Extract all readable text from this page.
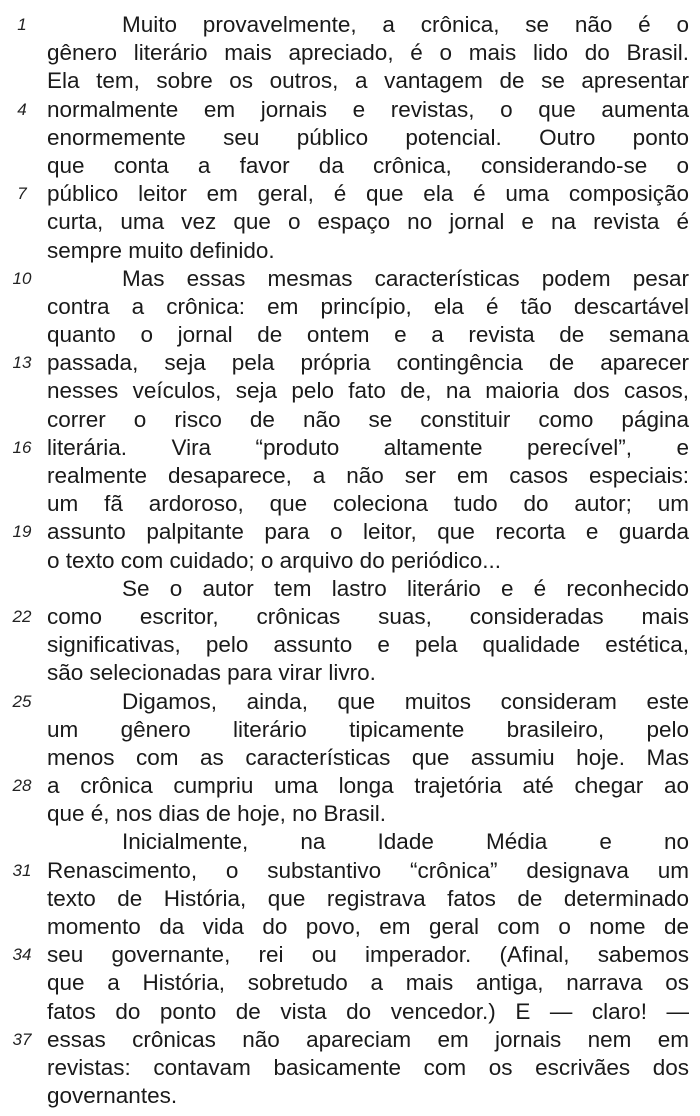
1	Muito provavelmente, a crônica, se não é o
gênero literário mais apreciado, é o mais lido do Brasil.
Ela tem, sobre os outros, a vantagem de se apresentar
4 normalmente em jornais e revistas, o que aumenta
enormemente seu público potencial. Outro ponto
que conta a favor da crônica, considerando-se o
7 público leitor em geral, é que ela é uma composição
curta, uma vez que o espaço no jornal e na revista é
sempre muito definido.
10	Mas essas mesmas características podem pesar
contra a crônica: em princípio, ela é tão descartável
quanto o jornal de ontem e a revista de semana
13 passada, seja pela própria contingência de aparecer
nesses veículos, seja pelo fato de, na maioria dos casos,
correr o risco de não se constituir como página
16 literária. Vira “produto altamente perecível”, e
realmente desaparece, a não ser em casos especiais:
um fã ardoroso, que coleciona tudo do autor; um
19 assunto palpitante para o leitor, que recorta e guarda
o texto com cuidado; o arquivo do periódico...
Se o autor tem lastro literário e é reconhecido
22 como escritor, crônicas suas, consideradas mais
significativas, pelo assunto e pela qualidade estética,
são selecionadas para virar livro.
25	Digamos, ainda, que muitos consideram este
um gênero literário tipicamente brasileiro, pelo
menos com as características que assumiu hoje. Mas
28 a crônica cumpriu uma longa trajetória até chegar ao
que é, nos dias de hoje, no Brasil.
Inicialmente, na Idade Média e no
31 Renascimento, o substantivo “crônica” designava um
texto de História, que registrava fatos de determinado
momento da vida do povo, em geral com o nome de
34 seu governante, rei ou imperador. (Afinal, sabemos
que a História, sobretudo a mais antiga, narrava os
fatos do ponto de vista do vencedor.) E — claro! —
37 essas crônicas não apareciam em jornais nem em
revistas: contavam basicamente com os escrivães dos
governantes.
